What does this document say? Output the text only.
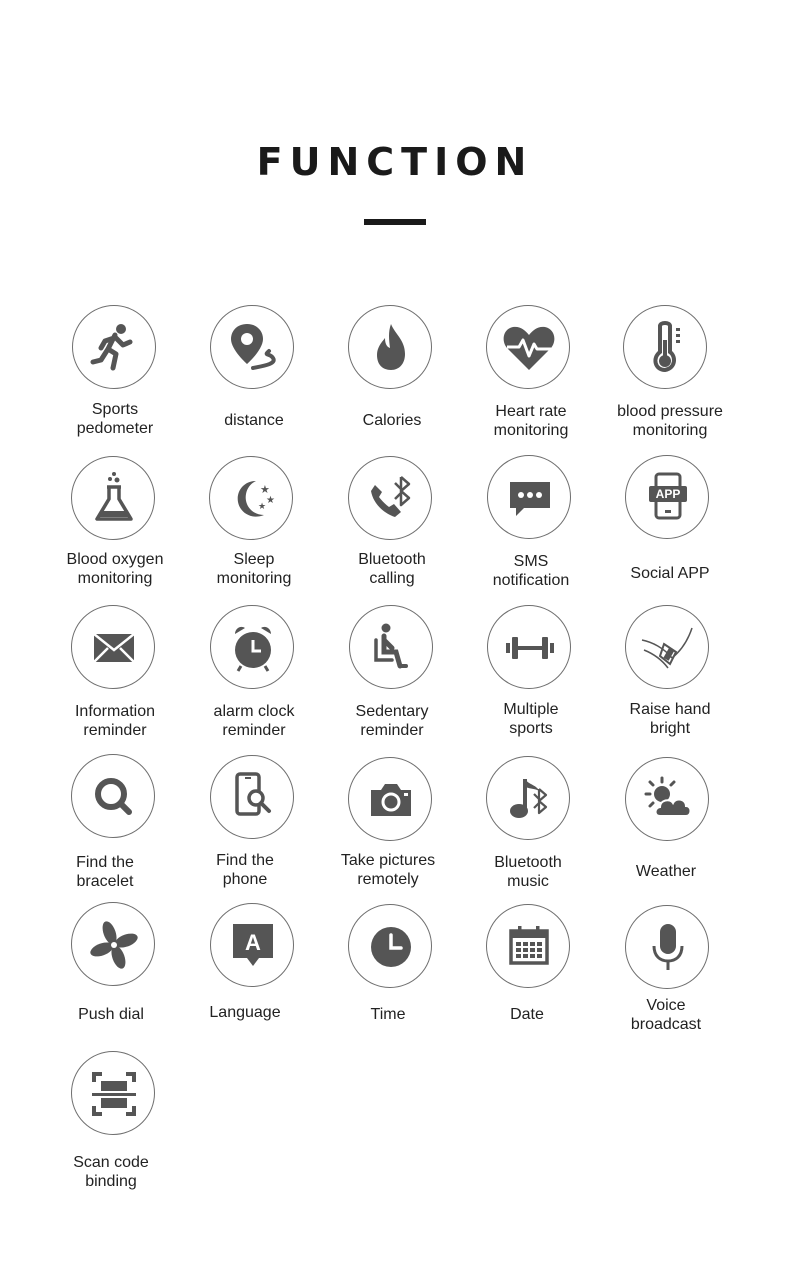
FUNCTION
Sports
pedometer	distance	Calories
Heart rate
monitoring
blood pressure
monitoring
Blood oxygen
monitoring
★
★
★
Sleep
monitoring
Bluetooth
calling
SMS
notification
APP
Social APP
Information
reminder
alarm clock
reminder
Sedentary
reminder
Multiple
sports
Raise hand
bright
Find the
bracelet
Find the
phone
Take pictures
remotely
Bluetooth
music
Weather
Push dial
A
Language	Time	Date
Voice
broadcast
Scan code
binding
